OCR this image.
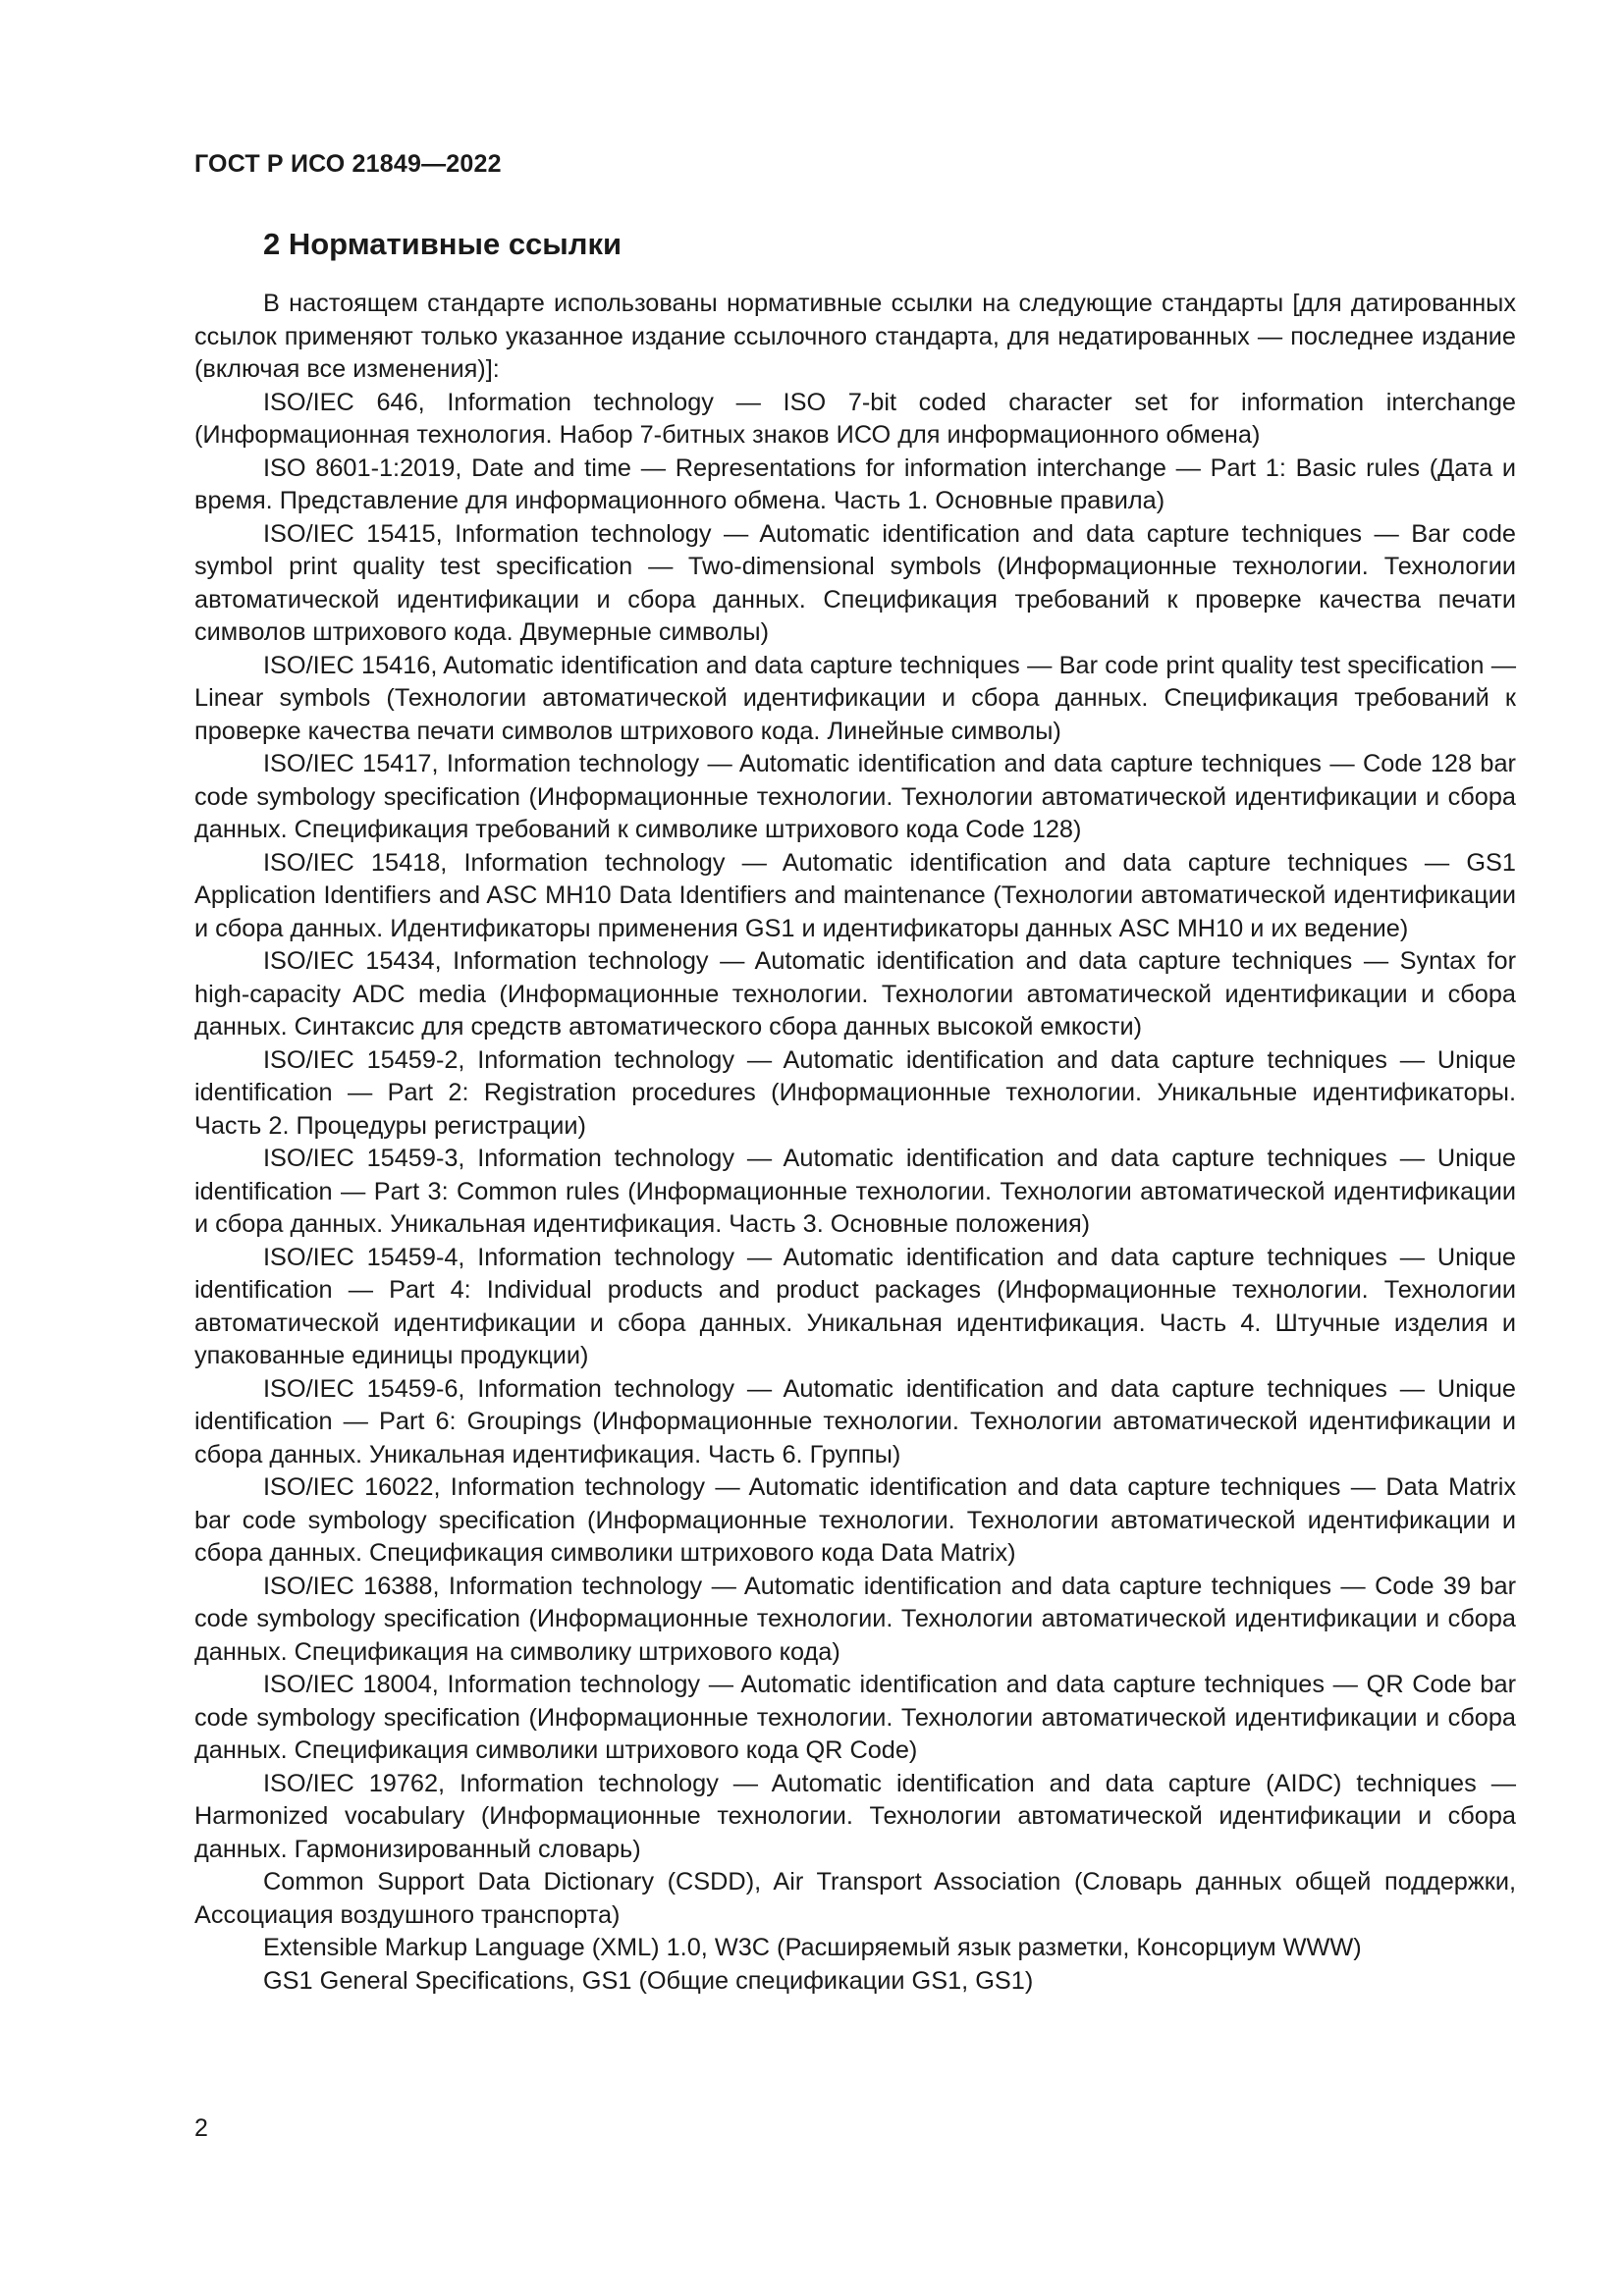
ГОСТ Р ИСО 21849—2022
2 Нормативные ссылки

В настоящем стандарте использованы нормативные ссылки на следующие стандарты [для датированных ссылок применяют только указанное издание ссылочного стандарта, для недатированных — последнее издание (включая все изменения)]:

ISO/IEC 646, Information technology — ISO 7-bit coded character set for information interchange (Информационная технология. Набор 7-битных знаков ИСО для информационного обмена)

ISO 8601-1:2019, Date and time — Representations for information interchange — Part 1: Basic rules (Дата и время. Представление для информационного обмена. Часть 1. Основные правила)

ISO/IEC 15415, Information technology — Automatic identification and data capture techniques — Bar code symbol print quality test specification — Two-dimensional symbols (Информационные технологии. Технологии автоматической идентификации и сбора данных. Спецификация требований к проверке качества печати символов штрихового кода. Двумерные символы)

ISO/IEC 15416, Automatic identification and data capture techniques — Bar code print quality test specification — Linear symbols (Технологии автоматической идентификации и сбора данных. Спецификация требований к проверке качества печати символов штрихового кода. Линейные символы)

ISO/IEC 15417, Information technology — Automatic identification and data capture techniques — Code 128 bar code symbology specification (Информационные технологии. Технологии автоматической идентификации и сбора данных. Спецификация требований к символике штрихового кода Code 128)

ISO/IEC 15418, Information technology — Automatic identification and data capture techniques — GS1 Application Identifiers and ASC MH10 Data Identifiers and maintenance (Технологии автоматической идентификации и сбора данных. Идентификаторы применения GS1 и идентификаторы данных ASC MH10 и их ведение)

ISO/IEC 15434, Information technology — Automatic identification and data capture techniques — Syntax for high-capacity ADC media (Информационные технологии. Технологии автоматической идентификации и сбора данных. Синтаксис для средств автоматического сбора данных высокой емкости)

ISO/IEC 15459-2, Information technology — Automatic identification and data capture techniques — Unique identification — Part 2: Registration procedures (Информационные технологии. Уникальные идентификаторы. Часть 2. Процедуры регистрации)

ISO/IEC 15459-3, Information technology — Automatic identification and data capture techniques — Unique identification — Part 3: Common rules (Информационные технологии. Технологии автоматической идентификации и сбора данных. Уникальная идентификация. Часть 3. Основные положения)

ISO/IEC 15459-4, Information technology — Automatic identification and data capture techniques — Unique identification — Part 4: Individual products and product packages (Информационные технологии. Технологии автоматической идентификации и сбора данных. Уникальная идентификация. Часть 4. Штучные изделия и упакованные единицы продукции)

ISO/IEC 15459-6, Information technology — Automatic identification and data capture techniques — Unique identification — Part 6: Groupings (Информационные технологии. Технологии автоматической идентификации и сбора данных. Уникальная идентификация. Часть 6. Группы)

ISO/IEC 16022, Information technology — Automatic identification and data capture techniques — Data Matrix bar code symbology specification (Информационные технологии. Технологии автоматической идентификации и сбора данных. Спецификация символики штрихового кода Data Matrix)

ISO/IEC 16388, Information technology — Automatic identification and data capture techniques — Code 39 bar code symbology specification (Информационные технологии. Технологии автоматической идентификации и сбора данных. Спецификация на символику штрихового кода)

ISO/IEC 18004, Information technology — Automatic identification and data capture techniques — QR Code bar code symbology specification (Информационные технологии. Технологии автоматической идентификации и сбора данных. Спецификация символики штрихового кода QR Code)

ISO/IEC 19762, Information technology — Automatic identification and data capture (AIDC) techniques — Harmonized vocabulary (Информационные технологии. Технологии автоматической идентификации и сбора данных. Гармонизированный словарь)

Common Support Data Dictionary (CSDD), Air Transport Association (Словарь данных общей поддержки, Ассоциация воздушного транспорта)

Extensible Markup Language (XML) 1.0, W3C (Расширяемый язык разметки, Консорциум WWW)

GS1 General Specifications, GS1 (Общие спецификации GS1, GS1)

2
